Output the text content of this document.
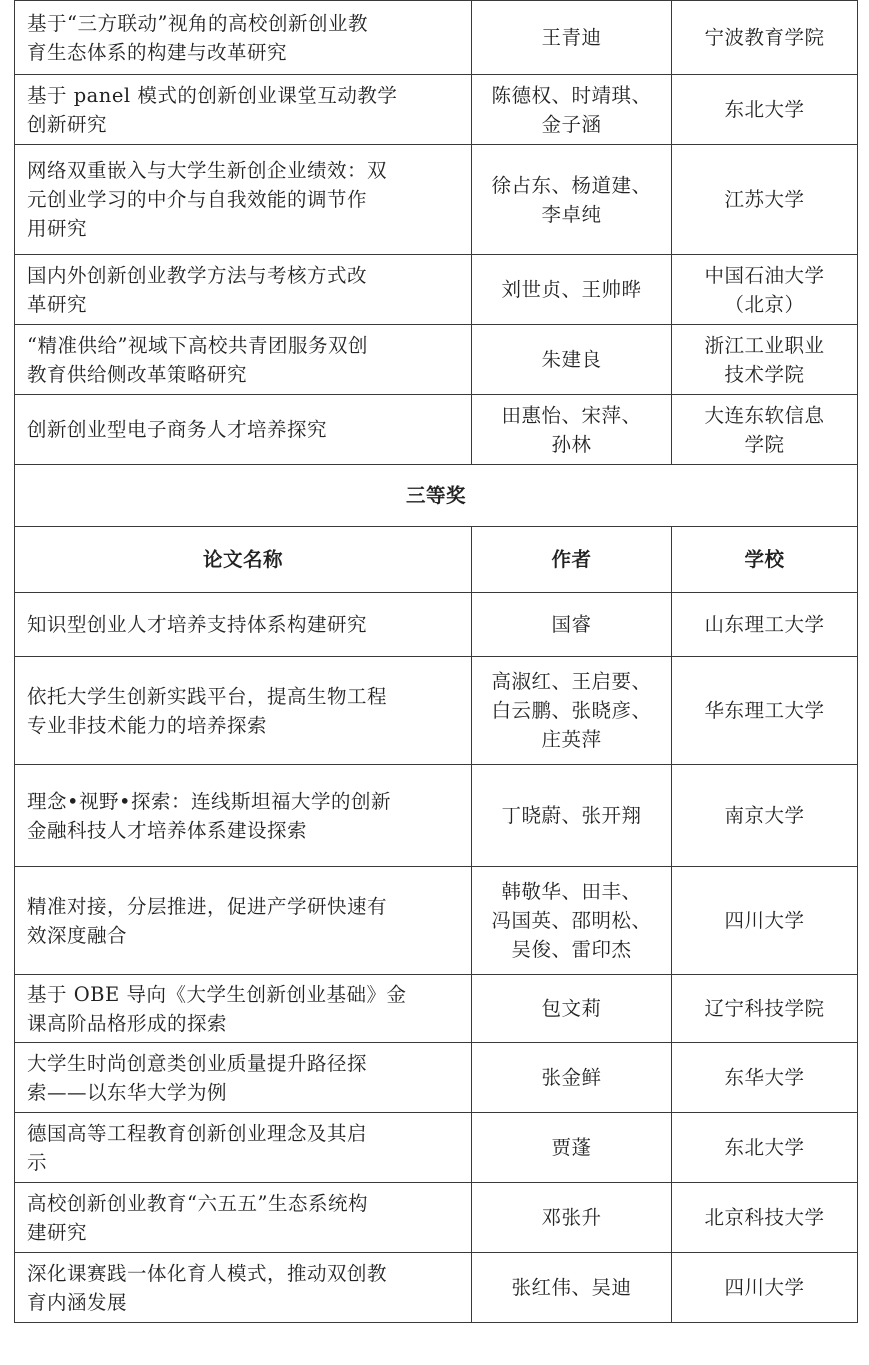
基于“三方联动”视角的高校创新创业教
育生态体系的构建与改革研究	王青迪	宁波教育学院

基于 panel 模式的创新创业课堂互动教学
创新研究	陈德权、时靖琪、
金子涵	东北大学

网络双重嵌入与大学生新创企业绩效：双
元创业学习的中介与自我效能的调节作
用研究	徐占东、杨道建、
李卓纯	江苏大学

国内外创新创业教学方法与考核方式改
革研究	刘世贞、王帅晔	中国石油大学
（北京）

“精准供给”视域下高校共青团服务双创
教育供给侧改革策略研究	朱建良	浙江工业职业
技术学院

创新创业型电子商务人才培养探究	田惠怡、宋萍、
孙林	大连东软信息
学院

三等奖		
论文名称	作者	学校

知识型创业人才培养支持体系构建研究	国睿	山东理工大学

依托大学生创新实践平台，提高生物工程
专业非技术能力的培养探索	高淑红、王启要、
白云鹏、张晓彦、
庄英萍	华东理工大学

理念•视野•探索：连线斯坦福大学的创新
金融科技人才培养体系建设探索	丁晓蔚、张开翔	南京大学

精准对接，分层推进，促进产学研快速有
效深度融合	韩敬华、田丰、
冯国英、邵明松、
吴俊、雷印杰	四川大学

基于 OBE 导向《大学生创新创业基础》金
课高阶品格形成的探索	包文莉	辽宁科技学院

大学生时尚创意类创业质量提升路径探
索——以东华大学为例	张金鲜	东华大学

德国高等工程教育创新创业理念及其启
示	贾蓬	东北大学

高校创新创业教育“六五五”生态系统构
建研究	邓张升	北京科技大学

深化课赛践一体化育人模式，推动双创教
育内涵发展	张红伟、吴迪	四川大学
